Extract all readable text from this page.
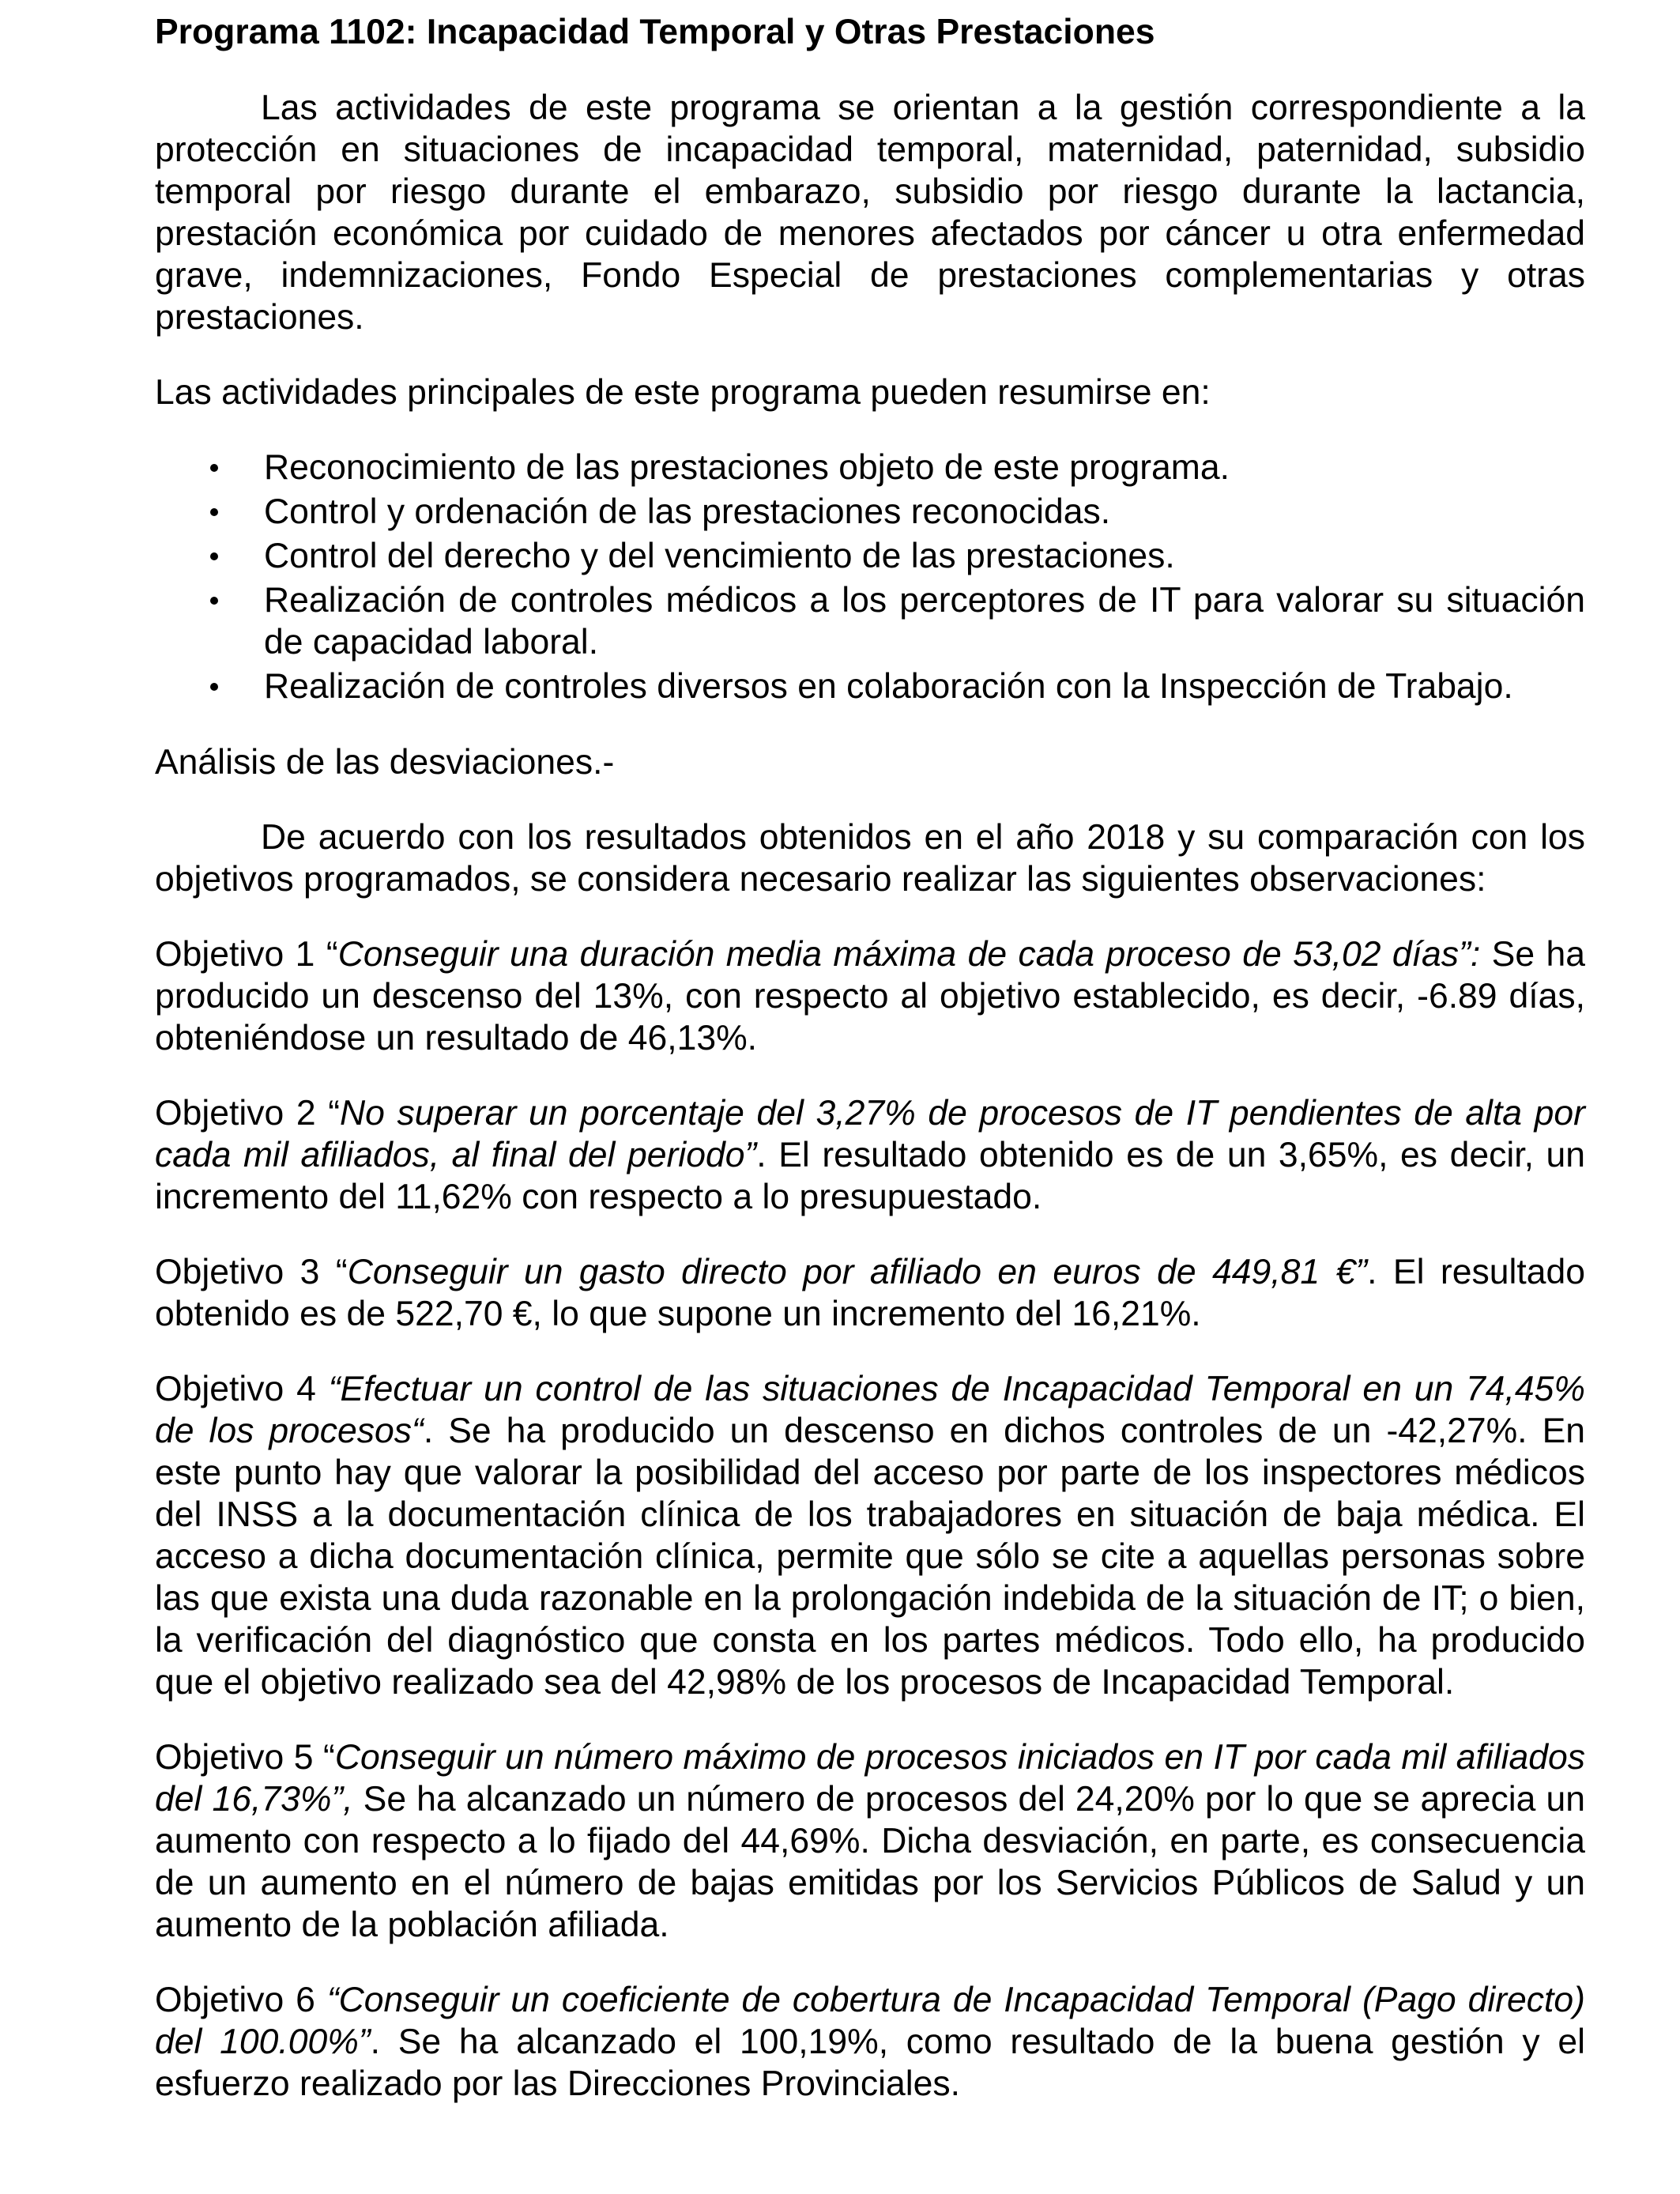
Programa 1102: Incapacidad Temporal y Otras Prestaciones

Las actividades de este programa se orientan a la gestión correspondiente a la protección en situaciones de incapacidad temporal, maternidad, paternidad, subsidio temporal por riesgo durante el embarazo, subsidio por riesgo durante la lactancia, prestación económica por cuidado de menores afectados por cáncer u otra enfermedad grave, indemnizaciones, Fondo Especial de prestaciones complementarias y otras prestaciones.

Las actividades principales de este programa pueden resumirse en:

Reconocimiento de las prestaciones objeto de este programa.
Control y ordenación de las prestaciones reconocidas.
Control del derecho y del vencimiento de las prestaciones.
Realización de controles médicos a los perceptores de IT para valorar su situación de capacidad laboral.
Realización de controles diversos en colaboración con la Inspección de Trabajo.

Análisis de las desviaciones.-

De acuerdo con los resultados obtenidos en el año 2018 y su comparación con los objetivos programados, se considera necesario realizar las siguientes observaciones:

Objetivo 1 “Conseguir una duración media máxima de cada proceso de 53,02 días”: Se ha producido un descenso del 13%, con respecto al objetivo establecido, es decir, -6.89 días, obteniéndose un resultado de 46,13%.

Objetivo 2 “No superar un porcentaje del 3,27% de procesos de IT pendientes de alta por cada mil afiliados, al final del periodo”. El resultado obtenido es de un 3,65%, es decir, un incremento del 11,62% con respecto a lo presupuestado.

Objetivo 3 “Conseguir un gasto directo por afiliado en euros de 449,81 €”. El resultado obtenido es de 522,70 €, lo que supone un incremento del 16,21%.

Objetivo 4 “Efectuar un control de las situaciones de Incapacidad Temporal en un 74,45% de los procesos“. Se ha producido un descenso en dichos controles de un -42,27%. En este punto hay que valorar la posibilidad del acceso por parte de los inspectores médicos del INSS a la documentación clínica de los trabajadores en situación de baja médica. El acceso a dicha documentación clínica, permite que sólo se cite a aquellas personas sobre las que exista una duda razonable en la prolongación indebida de la situación de IT; o bien, la verificación del diagnóstico que consta en los partes médicos. Todo ello, ha producido que el objetivo realizado sea del 42,98% de los procesos de Incapacidad Temporal.

Objetivo 5 “Conseguir un número máximo de procesos iniciados en IT por cada mil afiliados del 16,73%”, Se ha alcanzado un número de procesos del 24,20% por lo que se aprecia un aumento con respecto a lo fijado del 44,69%. Dicha desviación, en parte, es consecuencia de un aumento en el número de bajas emitidas por los Servicios Públicos de Salud y un aumento de la población afiliada.

Objetivo 6 “Conseguir un coeficiente de cobertura de Incapacidad Temporal (Pago directo) del 100.00%”. Se ha alcanzado el 100,19%, como resultado de la buena gestión y el esfuerzo realizado por las Direcciones Provinciales.
